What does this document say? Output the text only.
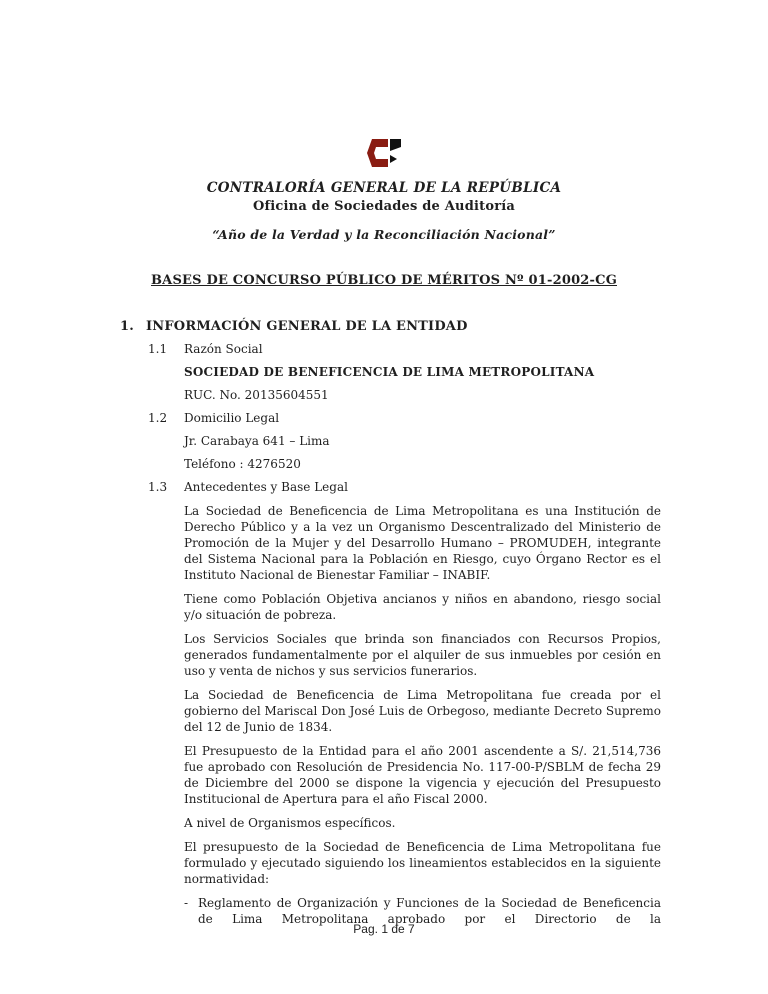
CONTRALORÍA GENERAL DE LA REPÚBLICA
Oficina de Sociedades de Auditoría
“Año de la Verdad y la Reconciliación Nacional”
BASES DE CONCURSO PÚBLICO DE MÉRITOS Nº 01-2002-CG
1. INFORMACIÓN GENERAL DE LA ENTIDAD
1.1 Razón Social
SOCIEDAD DE BENEFICENCIA DE LIMA METROPOLITANA
RUC. No. 20135604551
1.2 Domicilio Legal
Jr. Carabaya 641 – Lima
Teléfono : 4276520
1.3 Antecedentes y Base Legal
La Sociedad de Beneficencia de Lima Metropolitana es una Institución de Derecho Público y a la vez un Organismo Descentralizado del Ministerio de Promoción de la Mujer y del Desarrollo Humano – PROMUDEH, integrante del Sistema Nacional para la Población en Riesgo, cuyo Órgano Rector es el Instituto Nacional de Bienestar Familiar – INABIF.
Tiene como Población Objetiva ancianos y niños en abandono, riesgo social y/o situación de pobreza.
Los Servicios Sociales que brinda son financiados con Recursos Propios, generados fundamentalmente por el alquiler de sus inmuebles por cesión en uso y venta de nichos y sus servicios funerarios.
La Sociedad de Beneficencia de Lima Metropolitana fue creada por el gobierno del Mariscal Don José Luis de Orbegoso, mediante Decreto Supremo del 12 de Junio de 1834.
El Presupuesto de la Entidad para el año 2001 ascendente a S/. 21,514,736 fue aprobado con Resolución de Presidencia No. 117-00-P/SBLM de fecha 29 de Diciembre del 2000 se dispone la vigencia y ejecución del Presupuesto Institucional de Apertura para el año Fiscal 2000.
A nivel de Organismos específicos.
El presupuesto de la Sociedad de Beneficencia de Lima Metropolitana fue formulado y ejecutado siguiendo los lineamientos establecidos en la siguiente normatividad:
- Reglamento de Organización y Funciones de la Sociedad de Beneficencia de Lima Metropolitana aprobado por el Directorio de la
Pag. 1 de 7
